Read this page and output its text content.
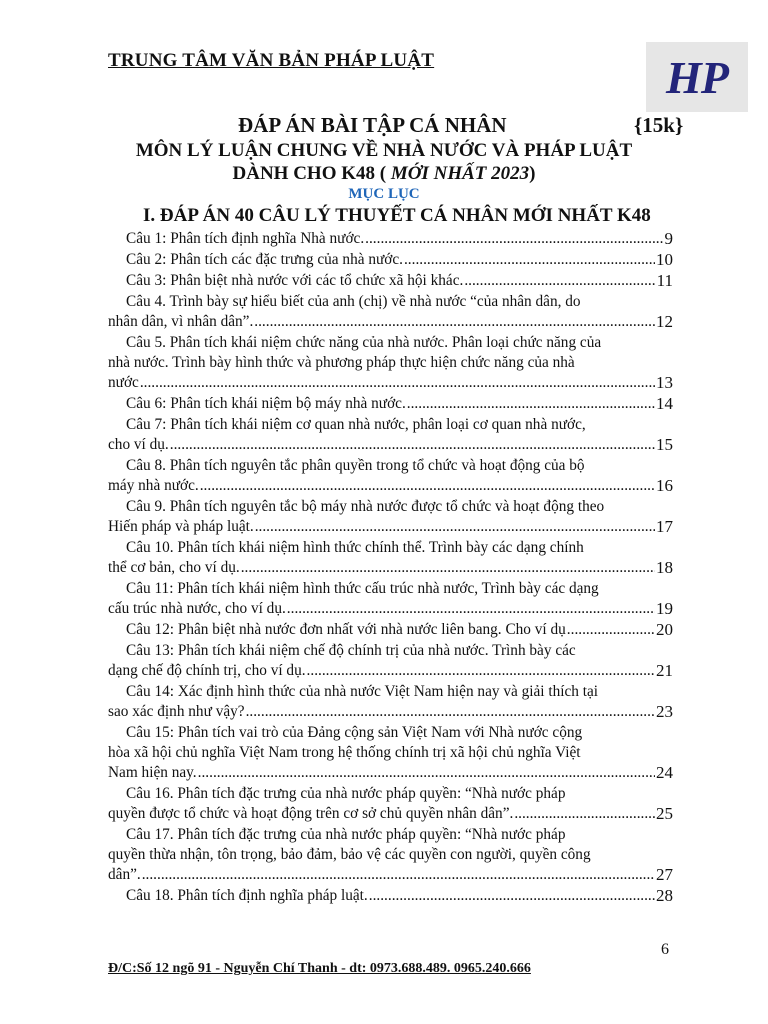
TRUNG TÂM VĂN BẢN PHÁP LUẬT	HP
ĐÁP ÁN BÀI TẬP CÁ NHÂN	{15k}
MÔN LÝ LUẬN CHUNG VỀ NHÀ NƯỚC VÀ PHÁP LUẬT
DÀNH CHO K48 ( MỚI NHẤT 2023)
MỤC LỤC
I. ĐÁP ÁN 40 CÂU LÝ THUYẾT CÁ NHÂN MỚI NHẤT K48
Câu 1: Phân tích định nghĩa Nhà nước. .....	9
Câu 2: Phân tích các đặc trưng của nhà nước. .....	10
Câu 3: Phân biệt nhà nước với các tổ chức xã hội khác. .....	11
Câu 4. Trình bày sự hiểu biết của anh (chị) về nhà nước “của nhân dân, do
nhân dân, vì nhân dân”. .....	12
Câu 5. Phân tích khái niệm chức năng của nhà nước. Phân loại chức năng của
nhà nước. Trình bày hình thức và phương pháp thực hiện chức năng của nhà
nước .....	13
Câu 6: Phân tích khái niệm bộ máy nhà nước. .....	14
Câu 7: Phân tích khái niệm cơ quan nhà nước, phân loại cơ quan nhà nước,
cho ví dụ. .....	15
Câu 8. Phân tích nguyên tắc phân quyền trong tổ chức và hoạt động của bộ
máy nhà nước. .....	16
Câu 9. Phân tích nguyên tắc bộ máy nhà nước được tổ chức và hoạt động theo
Hiến pháp và pháp luật. .....	17
Câu 10. Phân tích khái niệm hình thức chính thể. Trình bày các dạng chính
thể cơ bản, cho ví dụ. .....	18
Câu 11: Phân tích khái niệm hình thức cấu trúc nhà nước, Trình bày các dạng
cấu trúc nhà nước, cho ví dụ. .....	19
Câu 12: Phân biệt nhà nước đơn nhất với nhà nước liên bang. Cho ví dụ .....	20
Câu 13: Phân tích khái niệm chế độ chính trị của nhà nước. Trình bày các
dạng chế độ chính trị, cho ví dụ. .....	21
Câu 14: Xác định hình thức của nhà nước Việt Nam hiện nay và giải thích tại
sao xác định như vậy? .....	23
Câu 15: Phân tích vai trò của Đảng cộng sản Việt Nam với Nhà nước cộng
hòa xã hội chủ nghĩa Việt Nam trong hệ thống chính trị xã hội chủ nghĩa Việt
Nam hiện nay. .....	24
Câu 16. Phân tích đặc trưng của nhà nước pháp quyền: “Nhà nước pháp
quyền được tổ chức và hoạt động trên cơ sở chủ quyền nhân dân”. .....	25
Câu 17. Phân tích đặc trưng của nhà nước pháp quyền: “Nhà nước pháp
quyền thừa nhận, tôn trọng, bảo đảm, bảo vệ các quyền con người, quyền công
dân”. .....	27
Câu 18. Phân tích định nghĩa pháp luật. .....	28
6
Đ/C:Số 12 ngõ 91 - Nguyễn Chí Thanh - dt: 0973.688.489. 0965.240.666
